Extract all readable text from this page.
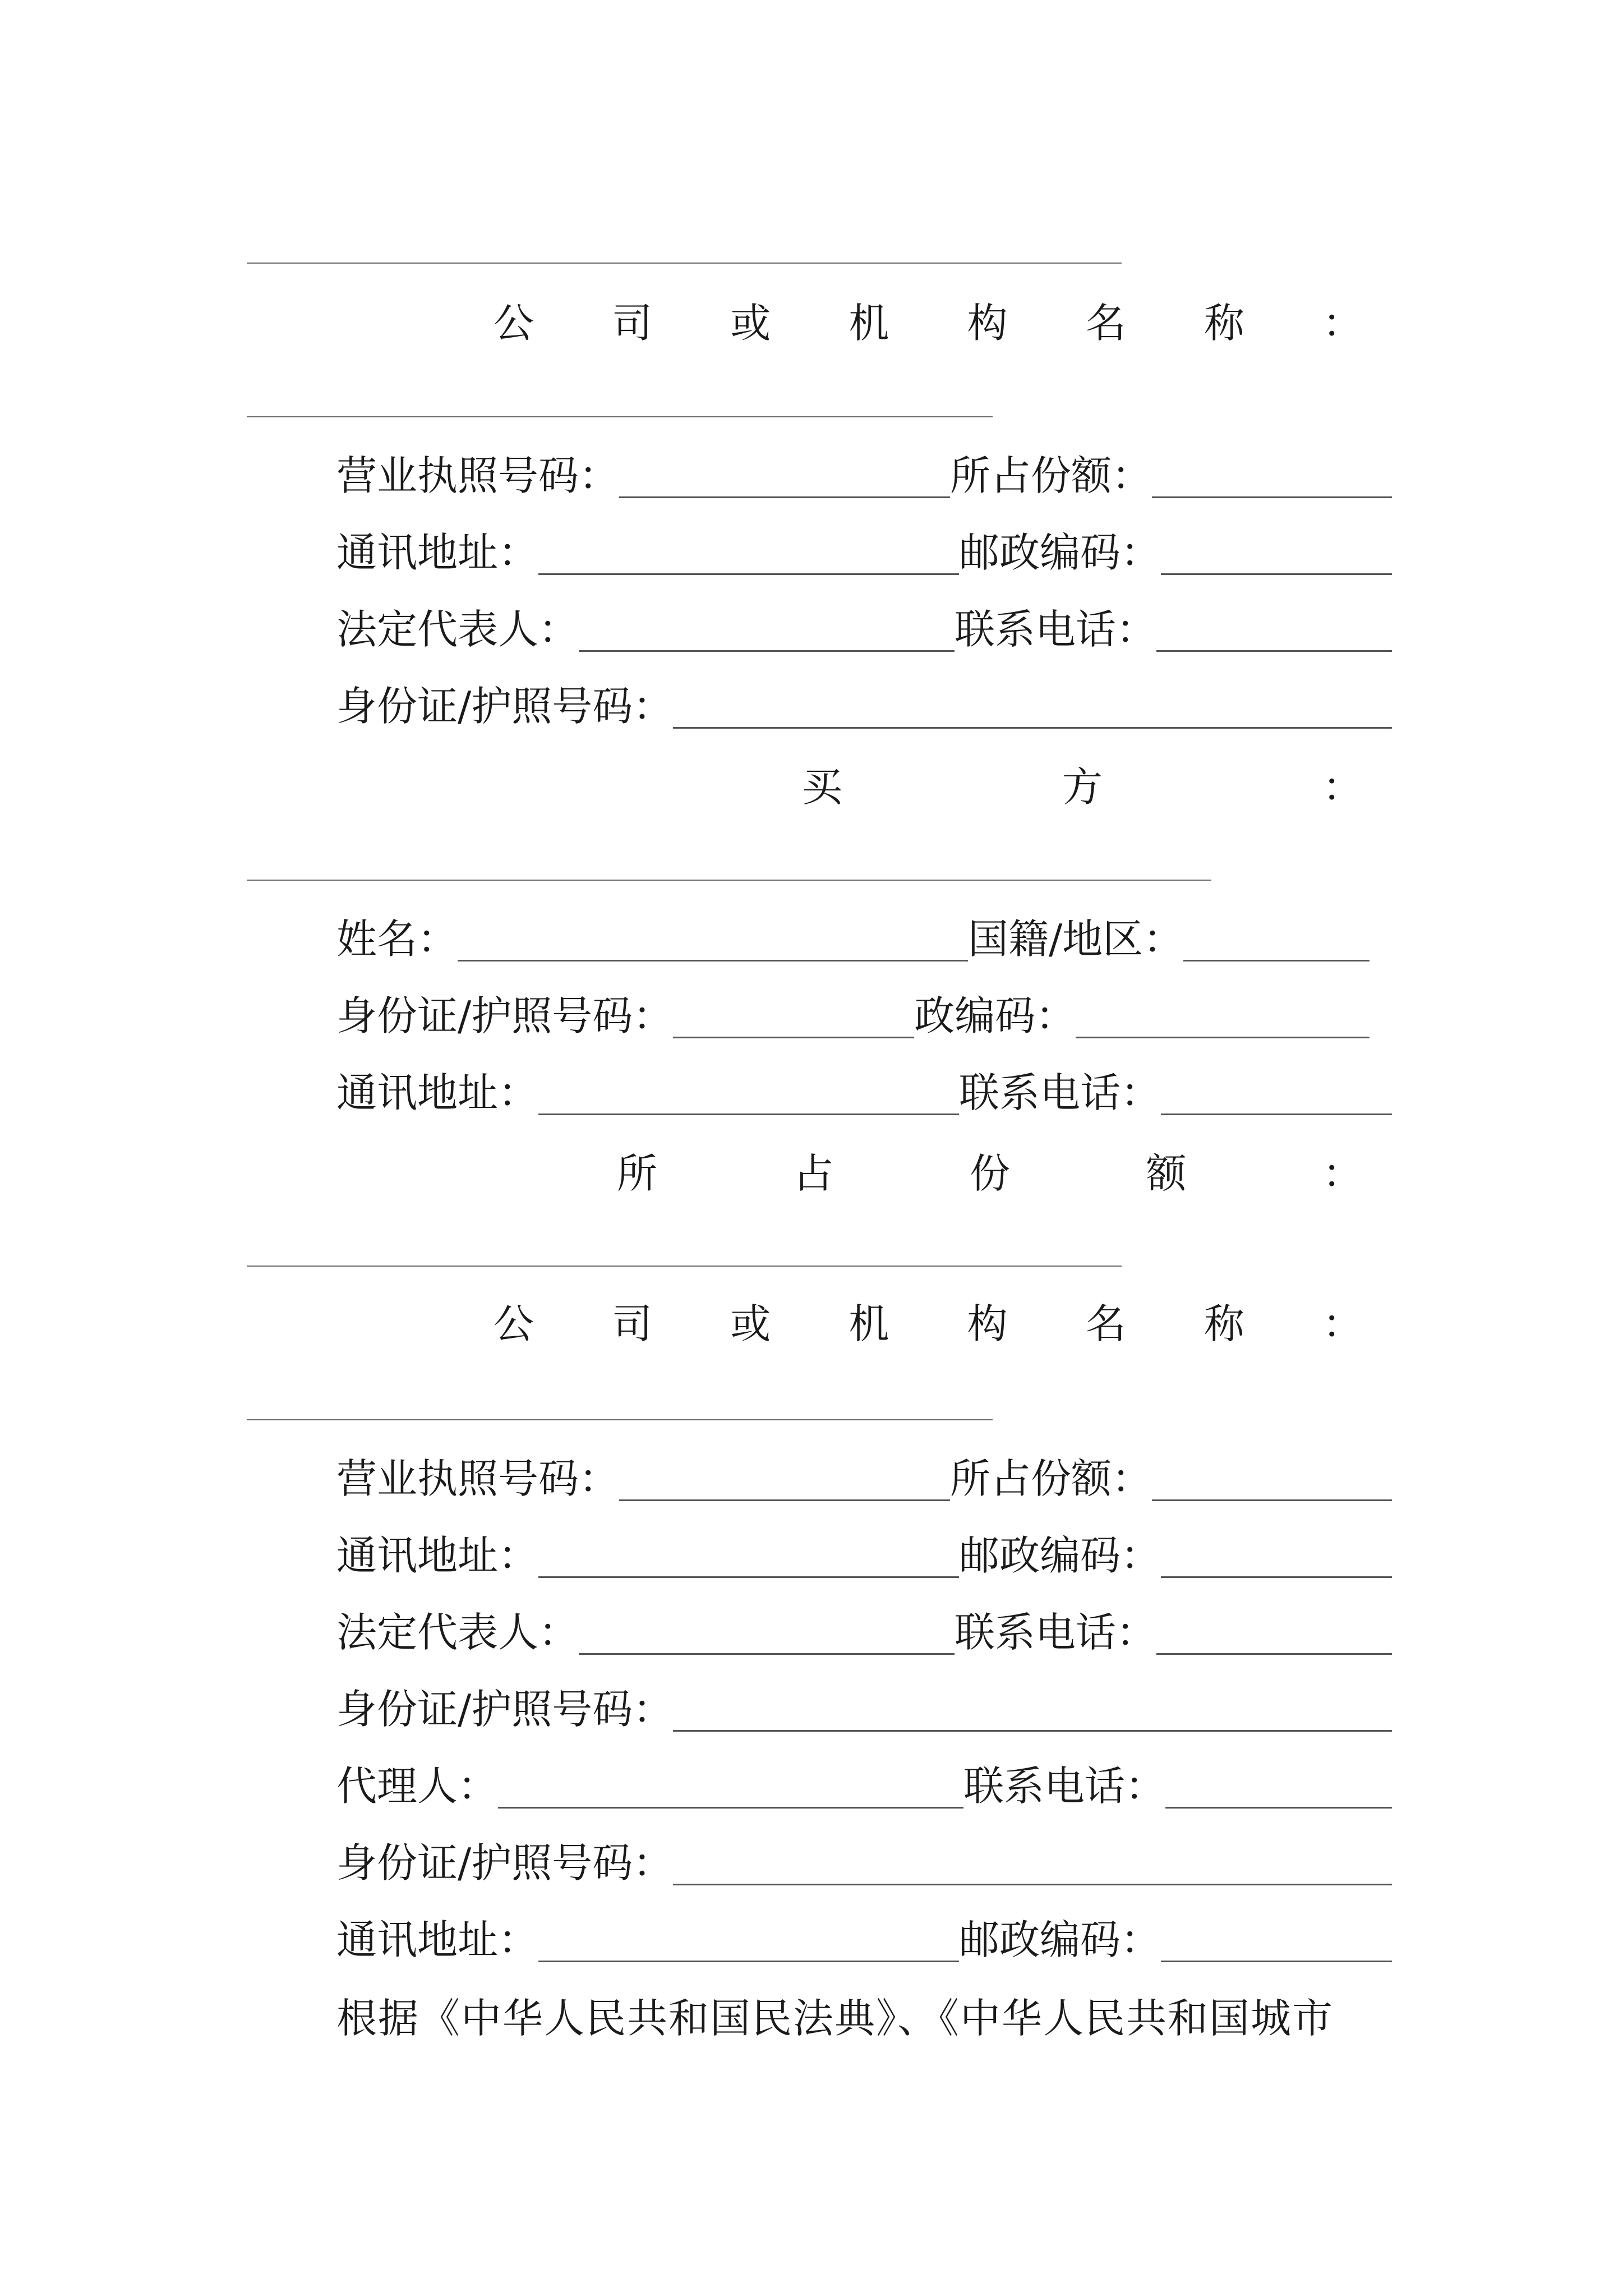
公 司 或 机 构 名 称 ：
营业执照号码：	所占份额：
通讯地址：	邮政编码：
法定代表人：	联系电话：
身份证/护照号码：
买	方	：
姓名：	国籍/地区：
身份证/护照号码：	政编码：
通讯地址：	联系电话：
所	占	份	额	：
公 司 或 机 构 名 称 ：
营业执照号码：	所占份额：
通讯地址：	邮政编码：
法定代表人：	联系电话：
身份证/护照号码：
代理人：	联系电话：
身份证/护照号码：
通讯地址：	邮政编码：
根据《中华人民共和国民法典》、《中华人民共和国城市
